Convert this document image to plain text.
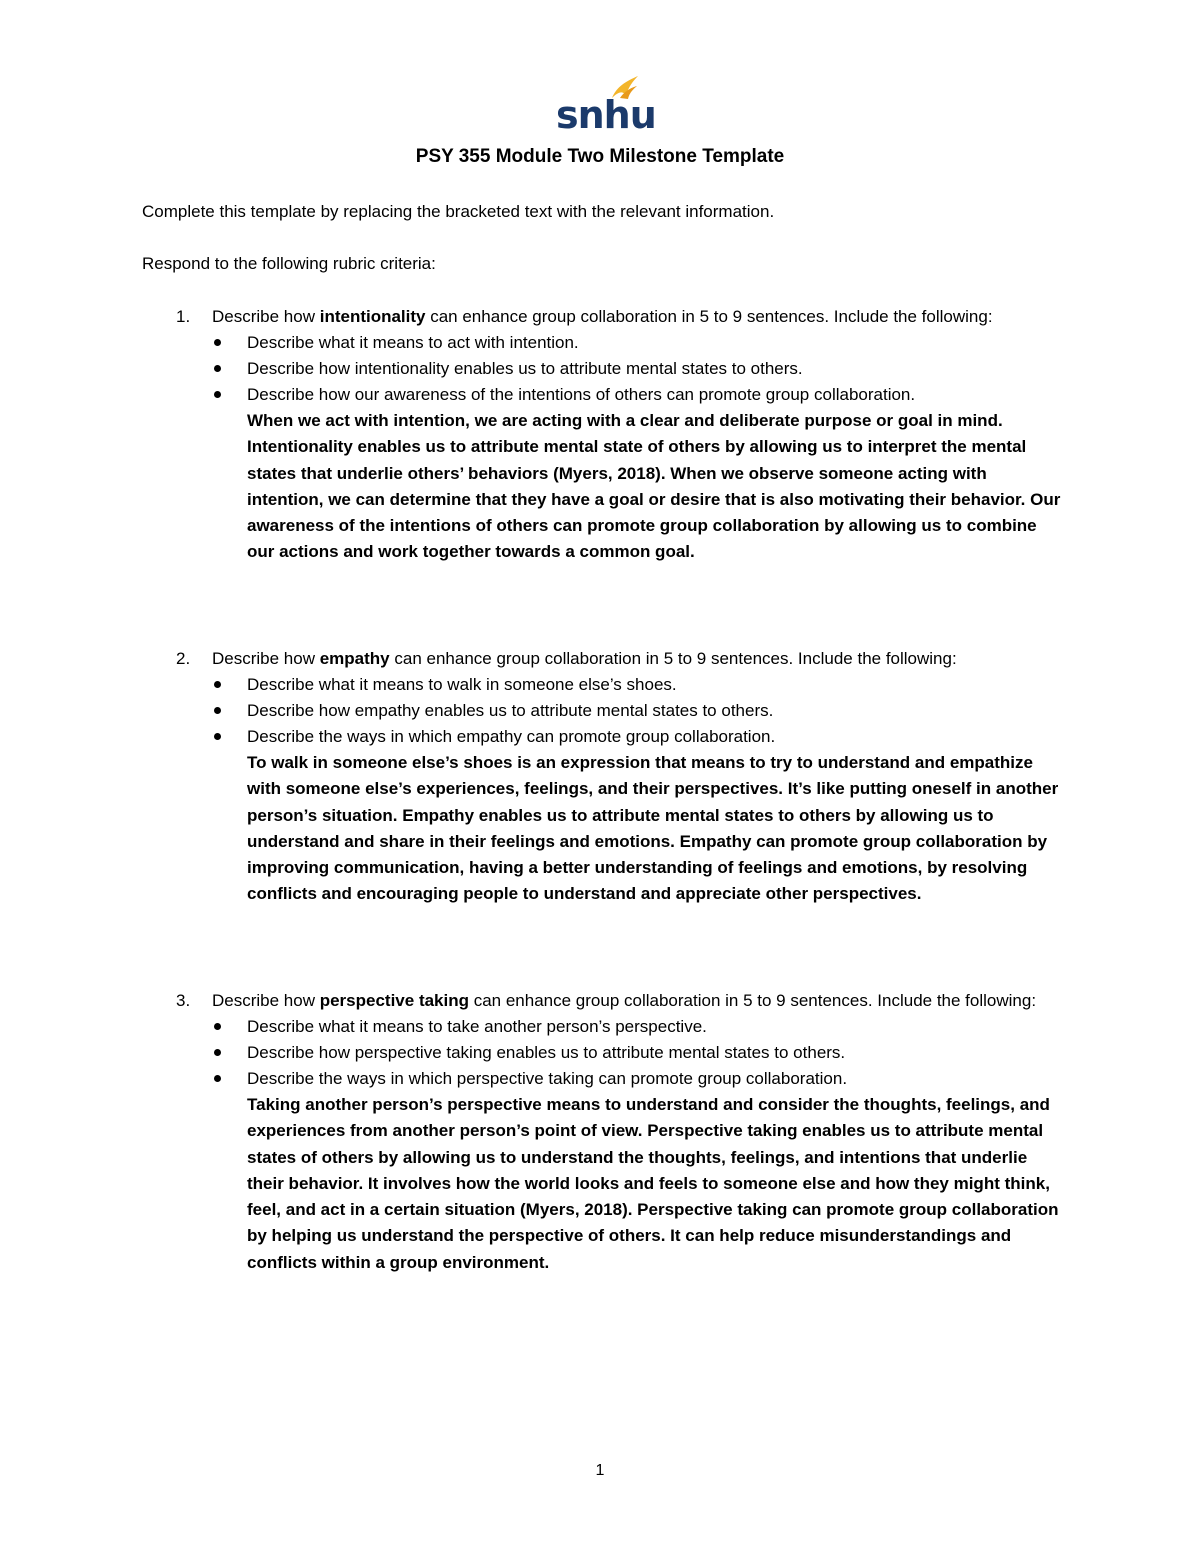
snhu
PSY 355 Module Two Milestone Template
Complete this template by replacing the bracketed text with the relevant information.
Respond to the following rubric criteria:
1.	Describe how intentionality can enhance group collaboration in 5 to 9 sentences. Include the following:
Describe what it means to act with intention.
Describe how intentionality enables us to attribute mental states to others.
Describe how our awareness of the intentions of others can promote group collaboration.
When we act with intention, we are acting with a clear and deliberate purpose or goal in mind. Intentionality enables us to attribute mental state of others by allowing us to interpret the mental states that underlie others’ behaviors (Myers, 2018). When we observe someone acting with intention, we can determine that they have a goal or desire that is also motivating their behavior. Our awareness of the intentions of others can promote group collaboration by allowing us to combine our actions and work together towards a common goal.
2.	Describe how empathy can enhance group collaboration in 5 to 9 sentences. Include the following:
Describe what it means to walk in someone else’s shoes.
Describe how empathy enables us to attribute mental states to others.
Describe the ways in which empathy can promote group collaboration.
To walk in someone else’s shoes is an expression that means to try to understand and empathize with someone else’s experiences, feelings, and their perspectives. It’s like putting oneself in another person’s situation. Empathy enables us to attribute mental states to others by allowing us to understand and share in their feelings and emotions. Empathy can promote group collaboration by improving communication, having a better understanding of feelings and emotions, by resolving conflicts and encouraging people to understand and appreciate other perspectives.
3.	Describe how perspective taking can enhance group collaboration in 5 to 9 sentences. Include the following:
Describe what it means to take another person’s perspective.
Describe how perspective taking enables us to attribute mental states to others.
Describe the ways in which perspective taking can promote group collaboration.
Taking another person’s perspective means to understand and consider the thoughts, feelings, and experiences from another person’s point of view. Perspective taking enables us to attribute mental states of others by allowing us to understand the thoughts, feelings, and intentions that underlie their behavior. It involves how the world looks and feels to someone else and how they might think, feel, and act in a certain situation (Myers, 2018). Perspective taking can promote group collaboration by helping us understand the perspective of others. It can help reduce misunderstandings and conflicts within a group environment.
1
